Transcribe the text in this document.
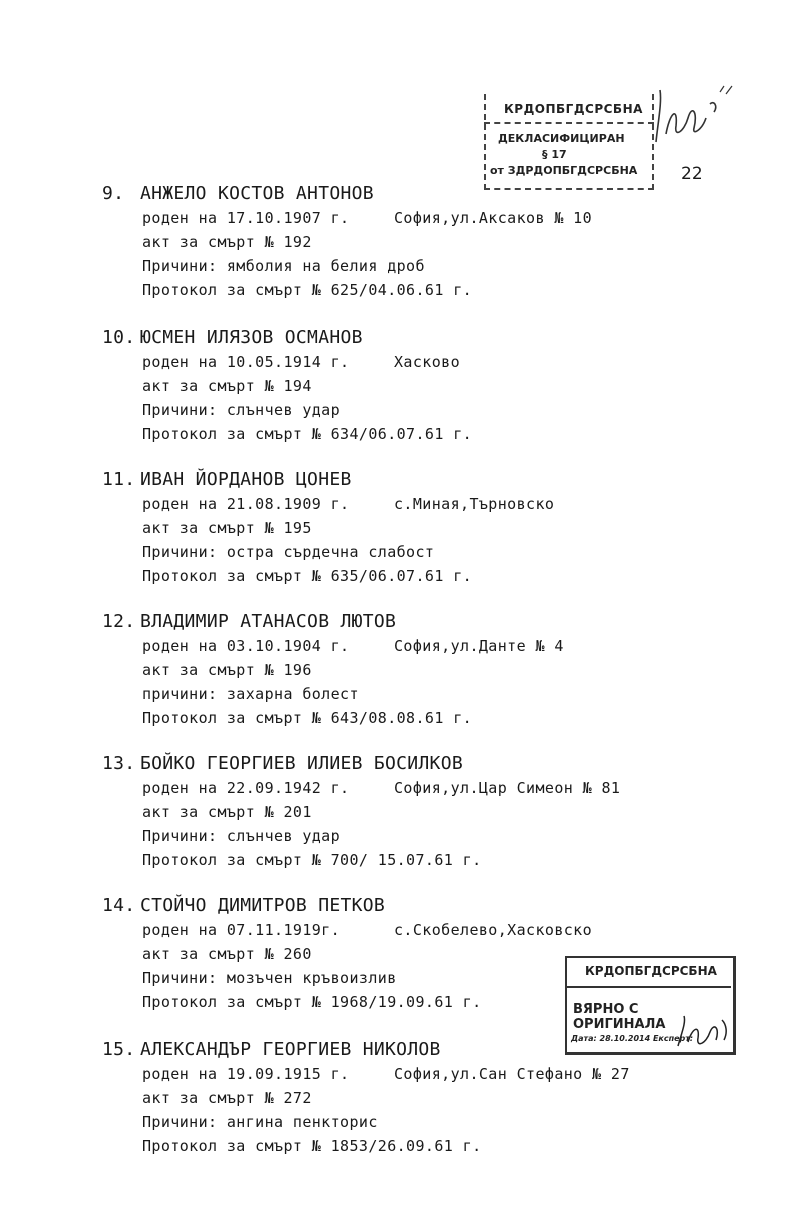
КРДОПБГДСРСБНА
ДЕКЛАСИФИЦИРАН
§ 17
от ЗДРДОПБГДСРСБНА	22
9. АНЖЕЛО КОСТОВ АНТОНОВ
роден на 17.10.1907 г.	София,ул.Аксаков № 10
акт за смърт № 192
Причини: ямболия на белия дроб
Протокол за смърт № 625/04.06.61 г.
10. ЮСМЕН ИЛЯЗОВ ОСМАНОВ
роден на 10.05.1914 г.	Хасково
акт за смърт № 194
Причини: слънчев удар
Протокол за смърт № 634/06.07.61 г.
11. ИВАН ЙОРДАНОВ ЦОНЕВ
роден на 21.08.1909 г.	с.Миная,Търновско
акт за смърт № 195
Причини: остра сърдечна слабост
Протокол за смърт № 635/06.07.61 г.
12. ВЛАДИМИР АТАНАСОВ ЛЮТОВ
роден на 03.10.1904 г.	София,ул.Данте № 4
акт за смърт № 196
причини: захарна болест
Протокол за смърт № 643/08.08.61 г.
13. БОЙКО ГЕОРГИЕВ ИЛИЕВ БОСИЛКОВ
роден на 22.09.1942 г.	София,ул.Цар Симеон № 81
акт за смърт № 201
Причини: слънчев удар
Протокол за смърт № 700/ 15.07.61 г.
14. СТОЙЧО ДИМИТРОВ ПЕТКОВ
роден на 07.11.1919г.	с.Скобелево,Хасковско
акт за смърт № 260
Причини: мозъчен кръвоизлив
Протокол за смърт № 1968/19.09.61 г.
15. АЛЕКСАНДЪР ГЕОРГИЕВ НИКОЛОВ
роден на 19.09.1915 г.	София,ул.Сан Стефано № 27
акт за смърт № 272
Причини: ангина пенкторис
Протокол за смърт № 1853/26.09.61 г.
КРДОПБГДСРСБНА
ВЯРНО С ОРИГИНАЛА
Дата: 28.10.2014 Експерт:
